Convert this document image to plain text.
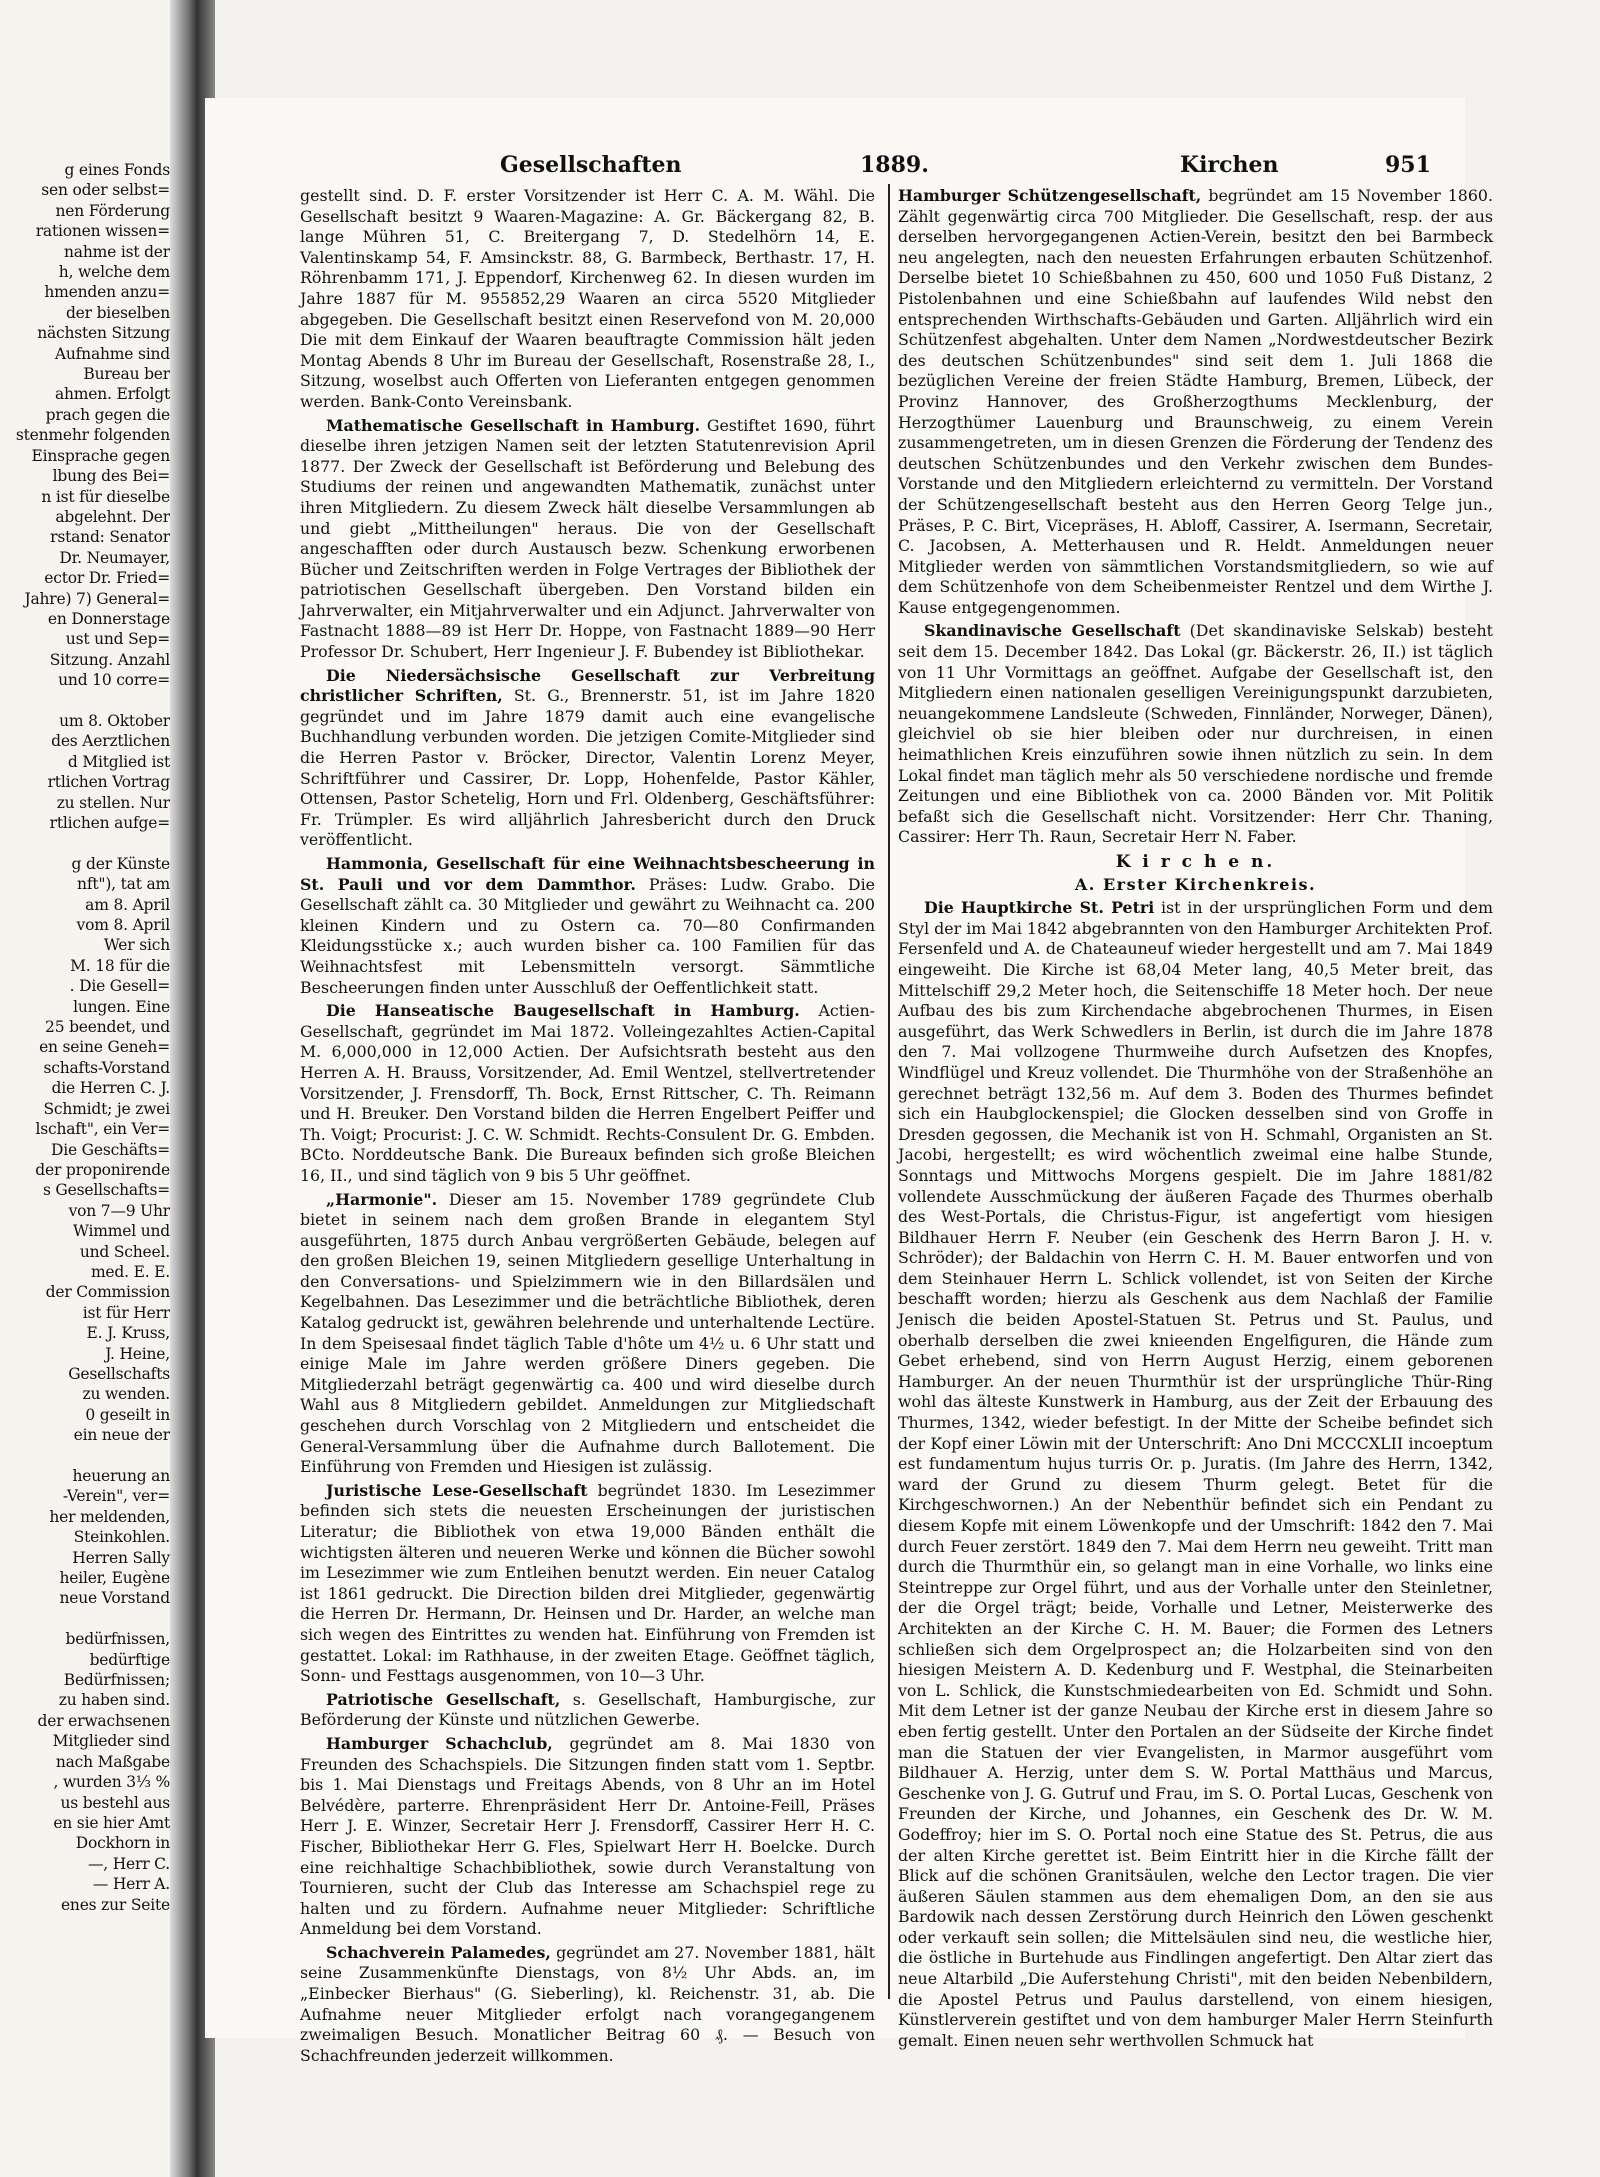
g eines Fonds
sen oder selbst=
nen Förderung
rationen wissen=
nahme ist der
h, welche dem
hmenden anzu=
der bieselben
nächsten Sitzung
Aufnahme sind
Bureau ber
ahmen. Erfolgt
prach gegen die
stenmehr folgenden
Einsprache gegen
lbung des Bei=
n ist für dieselbe
abgelehnt. Der
rstand: Senator
Dr. Neumayer,
ector Dr. Fried=
Jahre) 7) General=
en Donnerstage
ust und Sep=
Sitzung. Anzahl
und 10 corre=

um 8. Oktober
des Aerztlichen
d Mitglied ist
rtlichen Vortrag
zu stellen. Nur
rtlichen aufge=

g der Künste
nft"), tat am
am 8. April
vom 8. April
Wer sich
M. 18 für die
. Die Gesell=
lungen. Eine
25 beendet, und
en seine Geneh=
schafts-Vorstand
die Herren C. J.
Schmidt; je zwei
lschaft", ein Ver=
Die Geschäfts=
der proponirende
s Gesellschafts=
von 7—9 Uhr
Wimmel und
und Scheel.
med. E. E.
der Commission
ist für Herr
E. J. Kruss,
J. Heine,
Gesellschafts
zu wenden.
0 geseilt in
ein neue der

heuerung an
-Verein", ver=
her meldenden,
Steinkohlen.
Herren Sally
heiler, Eugène
neue Vorstand

bedürfnissen,
bedürftige
Bedürfnissen;
zu haben sind.
der erwachsenen
Mitglieder sind
nach Maßgabe
, wurden 3⅓ %
us bestehl aus
en sie hier Amt
Dockhorn in
—, Herr C.
— Herr A.
enes zur Seite
Gesellschaften	1889.	Kirchen	951

gestellt sind. D. F. erster Vorsitzender ist Herr C. A. M. Wähl. Die Gesellschaft besitzt 9 Waaren-Magazine: A. Gr. Bäckergang 82, B. lange Mühren 51, C. Breitergang 7, D. Stedelhörn 14, E. Valentinskamp 54, F. Amsinckstr. 88, G. Barmbeck, Berthastr. 17, H. Röhrenbamm 171, J. Eppendorf, Kirchenweg 62. In diesen wurden im Jahre 1887 für M. 955852,29 Waaren an circa 5520 Mitglieder abgegeben. Die Gesellschaft besitzt einen Reservefond von M. 20,000 Die mit dem Einkauf der Waaren beauftragte Commission hält jeden Montag Abends 8 Uhr im Bureau der Gesellschaft, Rosenstraße 28, I., Sitzung, woselbst auch Offerten von Lieferanten entgegen genommen werden. Bank-Conto Vereinsbank.

Mathematische Gesellschaft in Hamburg. Gestiftet 1690, führt dieselbe ihren jetzigen Namen seit der letzten Statutenrevision April 1877. Der Zweck der Gesellschaft ist Beförderung und Belebung des Studiums der reinen und angewandten Mathematik, zunächst unter ihren Mitgliedern. Zu diesem Zweck hält dieselbe Versammlungen ab und giebt „Mittheilungen" heraus. Die von der Gesellschaft angeschafften oder durch Austausch bezw. Schenkung erworbenen Bücher und Zeitschriften werden in Folge Vertrages der Bibliothek der patriotischen Gesellschaft übergeben. Den Vorstand bilden ein Jahrverwalter, ein Mitjahrverwalter und ein Adjunct. Jahrverwalter von Fastnacht 1888—89 ist Herr Dr. Hoppe, von Fastnacht 1889—90 Herr Professor Dr. Schubert, Herr Ingenieur J. F. Bubendey ist Bibliothekar.

Die Niedersächsische Gesellschaft zur Verbreitung christlicher Schriften, St. G., Brennerstr. 51, ist im Jahre 1820 gegründet und im Jahre 1879 damit auch eine evangelische Buchhandlung verbunden worden. Die jetzigen Comite-Mitglieder sind die Herren Pastor v. Bröcker, Director, Valentin Lorenz Meyer, Schriftführer und Cassirer, Dr. Lopp, Hohenfelde, Pastor Kähler, Ottensen, Pastor Schetelig, Horn und Frl. Oldenberg, Geschäftsführer: Fr. Trümpler. Es wird alljährlich Jahresbericht durch den Druck veröffentlicht.

Hammonia, Gesellschaft für eine Weihnachtsbescheerung in St. Pauli und vor dem Dammthor. Präses: Ludw. Grabo. Die Gesellschaft zählt ca. 30 Mitglieder und gewährt zu Weihnacht ca. 200 kleinen Kindern und zu Ostern ca. 70—80 Confirmanden Kleidungsstücke x.; auch wurden bisher ca. 100 Familien für das Weihnachtsfest mit Lebensmitteln versorgt. Sämmtliche Bescheerungen finden unter Ausschluß der Oeffentlichkeit statt.

Die Hanseatische Baugesellschaft in Hamburg. Actien-Gesellschaft, gegründet im Mai 1872. Volleingezahltes Actien-Capital M. 6,000,000 in 12,000 Actien. Der Aufsichtsrath besteht aus den Herren A. H. Brauss, Vorsitzender, Ad. Emil Wentzel, stellvertretender Vorsitzender, J. Frensdorff, Th. Bock, Ernst Rittscher, C. Th. Reimann und H. Breuker. Den Vorstand bilden die Herren Engelbert Peiffer und Th. Voigt; Procurist: J. C. W. Schmidt. Rechts-Consulent Dr. G. Embden. BCto. Norddeutsche Bank. Die Bureaux befinden sich große Bleichen 16, II., und sind täglich von 9 bis 5 Uhr geöffnet.

„Harmonie". Dieser am 15. November 1789 gegründete Club bietet in seinem nach dem großen Brande in elegantem Styl ausgeführten, 1875 durch Anbau vergrößerten Gebäude, belegen auf den großen Bleichen 19, seinen Mitgliedern gesellige Unterhaltung in den Conversations- und Spielzimmern wie in den Billardsälen und Kegelbahnen. Das Lesezimmer und die beträchtliche Bibliothek, deren Katalog gedruckt ist, gewähren belehrende und unterhaltende Lectüre. In dem Speisesaal findet täglich Table d'hôte um 4½ u. 6 Uhr statt und einige Male im Jahre werden größere Diners gegeben. Die Mitgliederzahl beträgt gegenwärtig ca. 400 und wird dieselbe durch Wahl aus 8 Mitgliedern gebildet. Anmeldungen zur Mitgliedschaft geschehen durch Vorschlag von 2 Mitgliedern und entscheidet die General-Versammlung über die Aufnahme durch Ballotement. Die Einführung von Fremden und Hiesigen ist zulässig.

Juristische Lese-Gesellschaft begründet 1830. Im Lesezimmer befinden sich stets die neuesten Erscheinungen der juristischen Literatur; die Bibliothek von etwa 19,000 Bänden enthält die wichtigsten älteren und neueren Werke und können die Bücher sowohl im Lesezimmer wie zum Entleihen benutzt werden. Ein neuer Catalog ist 1861 gedruckt. Die Direction bilden drei Mitglieder, gegenwärtig die Herren Dr. Hermann, Dr. Heinsen und Dr. Harder, an welche man sich wegen des Eintrittes zu wenden hat. Einführung von Fremden ist gestattet. Lokal: im Rathhause, in der zweiten Etage. Geöffnet täglich, Sonn- und Festtags ausgenommen, von 10—3 Uhr.

Patriotische Gesellschaft, s. Gesellschaft, Hamburgische, zur Beförderung der Künste und nützlichen Gewerbe.

Hamburger Schachclub, gegründet am 8. Mai 1830 von Freunden des Schachspiels. Die Sitzungen finden statt vom 1. Septbr. bis 1. Mai Dienstags und Freitags Abends, von 8 Uhr an im Hotel Belvédère, parterre. Ehrenpräsident Herr Dr. Antoine-Feill, Präses Herr J. E. Winzer, Secretair Herr J. Frensdorff, Cassirer Herr H. C. Fischer, Bibliothekar Herr G. Fles, Spielwart Herr H. Boelcke. Durch eine reichhaltige Schachbibliothek, sowie durch Veranstaltung von Tournieren, sucht der Club das Interesse am Schachspiel rege zu halten und zu fördern. Aufnahme neuer Mitglieder: Schriftliche Anmeldung bei dem Vorstand.

Schachverein Palamedes, gegründet am 27. November 1881, hält seine Zusammenkünfte Dienstags, von 8½ Uhr Abds. an, im „Einbecker Bierhaus" (G. Sieberling), kl. Reichenstr. 31, ab. Die Aufnahme neuer Mitglieder erfolgt nach vorangegangenem zweimaligen Besuch. Monatlicher Beitrag 60 ₰. — Besuch von Schachfreunden jederzeit willkommen.

Hamburger Schützengesellschaft, begründet am 15 November 1860. Zählt gegenwärtig circa 700 Mitglieder. Die Gesellschaft, resp. der aus derselben hervorgegangenen Actien-Verein, besitzt den bei Barmbeck neu angelegten, nach den neuesten Erfahrungen erbauten Schützenhof. Derselbe bietet 10 Schießbahnen zu 450, 600 und 1050 Fuß Distanz, 2 Pistolenbahnen und eine Schießbahn auf laufendes Wild nebst den entsprechenden Wirthschafts-Gebäuden und Garten. Alljährlich wird ein Schützenfest abgehalten. Unter dem Namen „Nordwestdeutscher Bezirk des deutschen Schützenbundes" sind seit dem 1. Juli 1868 die bezüglichen Vereine der freien Städte Hamburg, Bremen, Lübeck, der Provinz Hannover, des Großherzogthums Mecklenburg, der Herzogthümer Lauenburg und Braunschweig, zu einem Verein zusammengetreten, um in diesen Grenzen die Förderung der Tendenz des deutschen Schützenbundes und den Verkehr zwischen dem Bundes-Vorstande und den Mitgliedern erleichternd zu vermitteln. Der Vorstand der Schützengesellschaft besteht aus den Herren Georg Telge jun., Präses, P. C. Birt, Vicepräses, H. Abloff, Cassirer, A. Isermann, Secretair, C. Jacobsen, A. Metterhausen und R. Heldt. Anmeldungen neuer Mitglieder werden von sämmtlichen Vorstandsmitgliedern, so wie auf dem Schützenhofe von dem Scheibenmeister Rentzel und dem Wirthe J. Kause entgegengenommen.

Skandinavische Gesellschaft (Det skandinaviske Selskab) besteht seit dem 15. December 1842. Das Lokal (gr. Bäckerstr. 26, II.) ist täglich von 11 Uhr Vormittags an geöffnet. Aufgabe der Gesellschaft ist, den Mitgliedern einen nationalen geselligen Vereinigungspunkt darzubieten, neuangekommene Landsleute (Schweden, Finnländer, Norweger, Dänen), gleichviel ob sie hier bleiben oder nur durchreisen, in einen heimathlichen Kreis einzuführen sowie ihnen nützlich zu sein. In dem Lokal findet man täglich mehr als 50 verschiedene nordische und fremde Zeitungen und eine Bibliothek von ca. 2000 Bänden vor. Mit Politik befaßt sich die Gesellschaft nicht. Vorsitzender: Herr Chr. Thaning, Cassirer: Herr Th. Raun, Secretair Herr N. Faber.

K i r c h e n.
A. Erster Kirchenkreis.

Die Hauptkirche St. Petri ist in der ursprünglichen Form und dem Styl der im Mai 1842 abgebrannten von den Hamburger Architekten Prof. Fersenfeld und A. de Chateauneuf wieder hergestellt und am 7. Mai 1849 eingeweiht. Die Kirche ist 68,04 Meter lang, 40,5 Meter breit, das Mittelschiff 29,2 Meter hoch, die Seitenschiffe 18 Meter hoch. Der neue Aufbau des bis zum Kirchendache abgebrochenen Thurmes, in Eisen ausgeführt, das Werk Schwedlers in Berlin, ist durch die im Jahre 1878 den 7. Mai vollzogene Thurmweihe durch Aufsetzen des Knopfes, Windflügel und Kreuz vollendet. Die Thurmhöhe von der Straßenhöhe an gerechnet beträgt 132,56 m. Auf dem 3. Boden des Thurmes befindet sich ein Haubglockenspiel; die Glocken desselben sind von Groffe in Dresden gegossen, die Mechanik ist von H. Schmahl, Organisten an St. Jacobi, hergestellt; es wird wöchentlich zweimal eine halbe Stunde, Sonntags und Mittwochs Morgens gespielt. Die im Jahre 1881/82 vollendete Ausschmückung der äußeren Façade des Thurmes oberhalb des West-Portals, die Christus-Figur, ist angefertigt vom hiesigen Bildhauer Herrn F. Neuber (ein Geschenk des Herrn Baron J. H. v. Schröder); der Baldachin von Herrn C. H. M. Bauer entworfen und von dem Steinhauer Herrn L. Schlick vollendet, ist von Seiten der Kirche beschafft worden; hierzu als Geschenk aus dem Nachlaß der Familie Jenisch die beiden Apostel-Statuen St. Petrus und St. Paulus, und oberhalb derselben die zwei knieenden Engelfiguren, die Hände zum Gebet erhebend, sind von Herrn August Herzig, einem geborenen Hamburger. An der neuen Thurmthür ist der ursprüngliche Thür-Ring wohl das älteste Kunstwerk in Hamburg, aus der Zeit der Erbauung des Thurmes, 1342, wieder befestigt. In der Mitte der Scheibe befindet sich der Kopf einer Löwin mit der Unterschrift: Ano Dni MCCCXLII incoeptum est fundamentum hujus turris Or. p. Juratis. (Im Jahre des Herrn, 1342, ward der Grund zu diesem Thurm gelegt. Betet für die Kirchgeschwornen.) An der Nebenthür befindet sich ein Pendant zu diesem Kopfe mit einem Löwenkopfe und der Umschrift: 1842 den 7. Mai durch Feuer zerstört. 1849 den 7. Mai dem Herrn neu geweiht. Tritt man durch die Thurmthür ein, so gelangt man in eine Vorhalle, wo links eine Steintreppe zur Orgel führt, und aus der Vorhalle unter den Steinletner, der die Orgel trägt; beide, Vorhalle und Letner, Meisterwerke des Architekten an der Kirche C. H. M. Bauer; die Formen des Letners schließen sich dem Orgelprospect an; die Holzarbeiten sind von den hiesigen Meistern A. D. Kedenburg und F. Westphal, die Steinarbeiten von L. Schlick, die Kunstschmiedearbeiten von Ed. Schmidt und Sohn. Mit dem Letner ist der ganze Neubau der Kirche erst in diesem Jahre so eben fertig gestellt. Unter den Portalen an der Südseite der Kirche findet man die Statuen der vier Evangelisten, in Marmor ausgeführt vom Bildhauer A. Herzig, unter dem S. W. Portal Matthäus und Marcus, Geschenke von J. G. Gutruf und Frau, im S. O. Portal Lucas, Geschenk von Freunden der Kirche, und Johannes, ein Geschenk des Dr. W. M. Godeffroy; hier im S. O. Portal noch eine Statue des St. Petrus, die aus der alten Kirche gerettet ist. Beim Eintritt hier in die Kirche fällt der Blick auf die schönen Granitsäulen, welche den Lector tragen. Die vier äußeren Säulen stammen aus dem ehemaligen Dom, an den sie aus Bardowik nach dessen Zerstörung durch Heinrich den Löwen geschenkt oder verkauft sein sollen; die Mittelsäulen sind neu, die westliche hier, die östliche in Burtehude aus Findlingen angefertigt. Den Altar ziert das neue Altarbild „Die Auferstehung Christi", mit den beiden Nebenbildern, die Apostel Petrus und Paulus darstellend, von einem hiesigen, Künstlerverein gestiftet und von dem hamburger Maler Herrn Steinfurth gemalt. Einen neuen sehr werthvollen Schmuck hat
